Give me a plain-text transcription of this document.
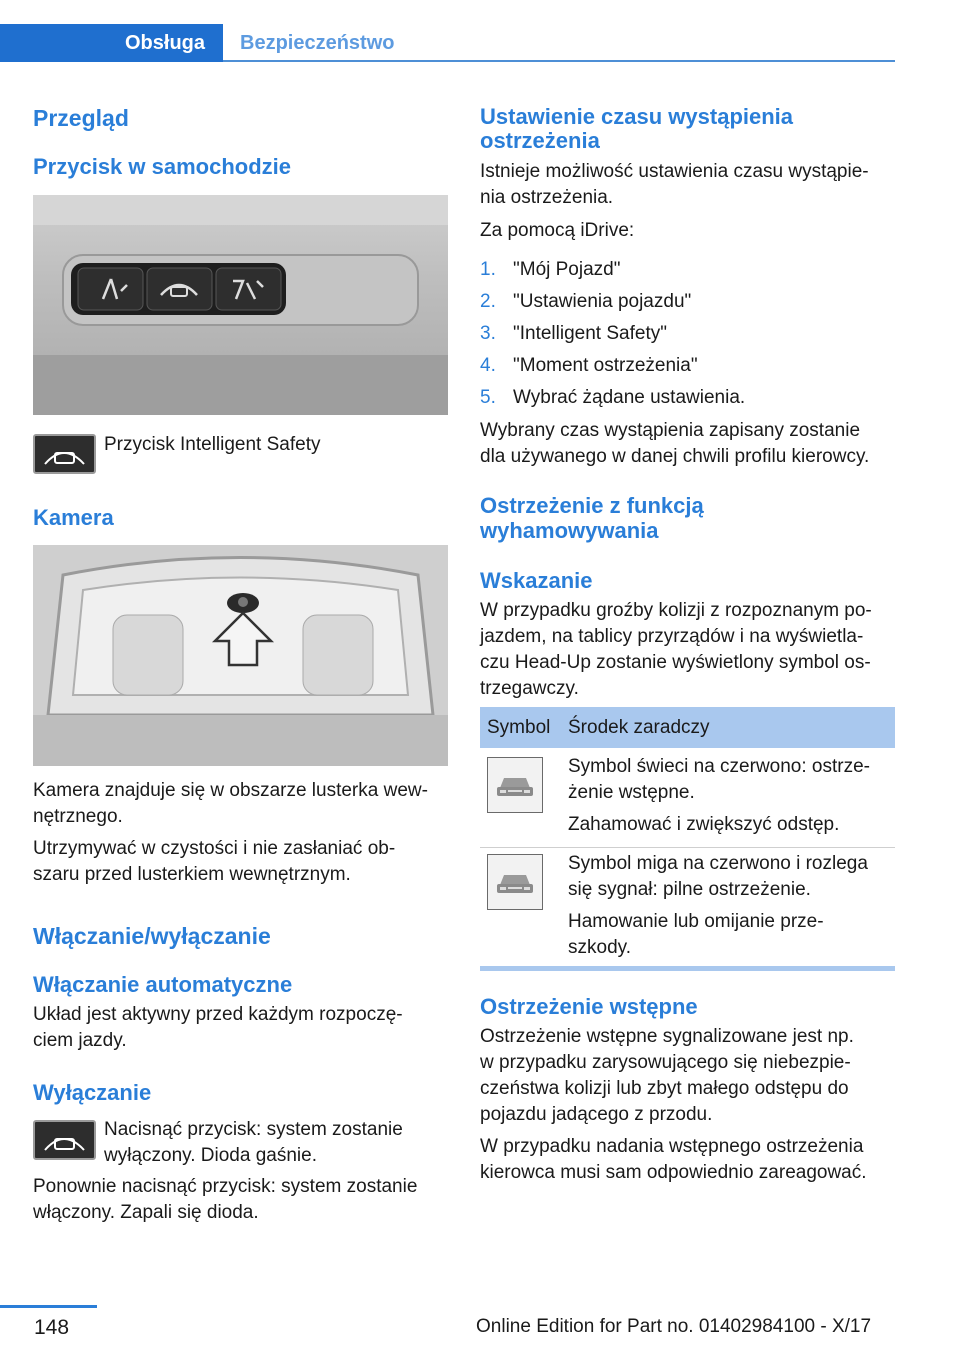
Obsługa	Bezpieczeństwo
Przegląd
Przycisk w samochodzie
Przycisk Intelligent Safety
Kamera
Kamera znajduje się w obszarze lusterka wew‐
nętrznego.
Utrzymywać w czystości i nie zasłaniać ob‐
szaru przed lusterkiem wewnętrznym.
Włączanie/wyłączanie
Włączanie automatyczne
Układ jest aktywny przed każdym rozpoczę‐
ciem jazdy.
Wyłączanie
Nacisnąć przycisk: system zostanie
wyłączony. Dioda gaśnie.
Ponownie nacisnąć przycisk: system zostanie
włączony. Zapali się dioda.
Ustawienie czasu wystąpienia
ostrzeżenia
Istnieje możliwość ustawienia czasu wystąpie‐
nia ostrzeżenia.
Za pomocą iDrive:
1. "Mój Pojazd"
2. "Ustawienia pojazdu"
3. "Intelligent Safety"
4. "Moment ostrzeżenia"
5. Wybrać żądane ustawienia.
Wybrany czas wystąpienia zapisany zostanie
dla używanego w danej chwili profilu kierowcy.
Ostrzeżenie z funkcją
wyhamowywania
Wskazanie
W przypadku groźby kolizji z rozpoznanym po‐
jazdem, na tablicy przyrządów i na wyświetla‐
czu Head-Up zostanie wyświetlony symbol os‐
trzegawczy.
Symbol Środek zaradczy
Symbol świeci na czerwono: ostrze‐
żenie wstępne.
Zahamować i zwiększyć odstęp.
Symbol miga na czerwono i rozlega
się sygnał: pilne ostrzeżenie.
Hamowanie lub omijanie prze‐
szkody.
Ostrzeżenie wstępne
Ostrzeżenie wstępne sygnalizowane jest np.
w przypadku zarysowującego się niebezpie‐
czeństwa kolizji lub zbyt małego odstępu do
pojazdu jadącego z przodu.
W przypadku nadania wstępnego ostrzeżenia
kierowca musi sam odpowiednio zareagować.
148	Online Edition for Part no. 01402984100 - X/17
